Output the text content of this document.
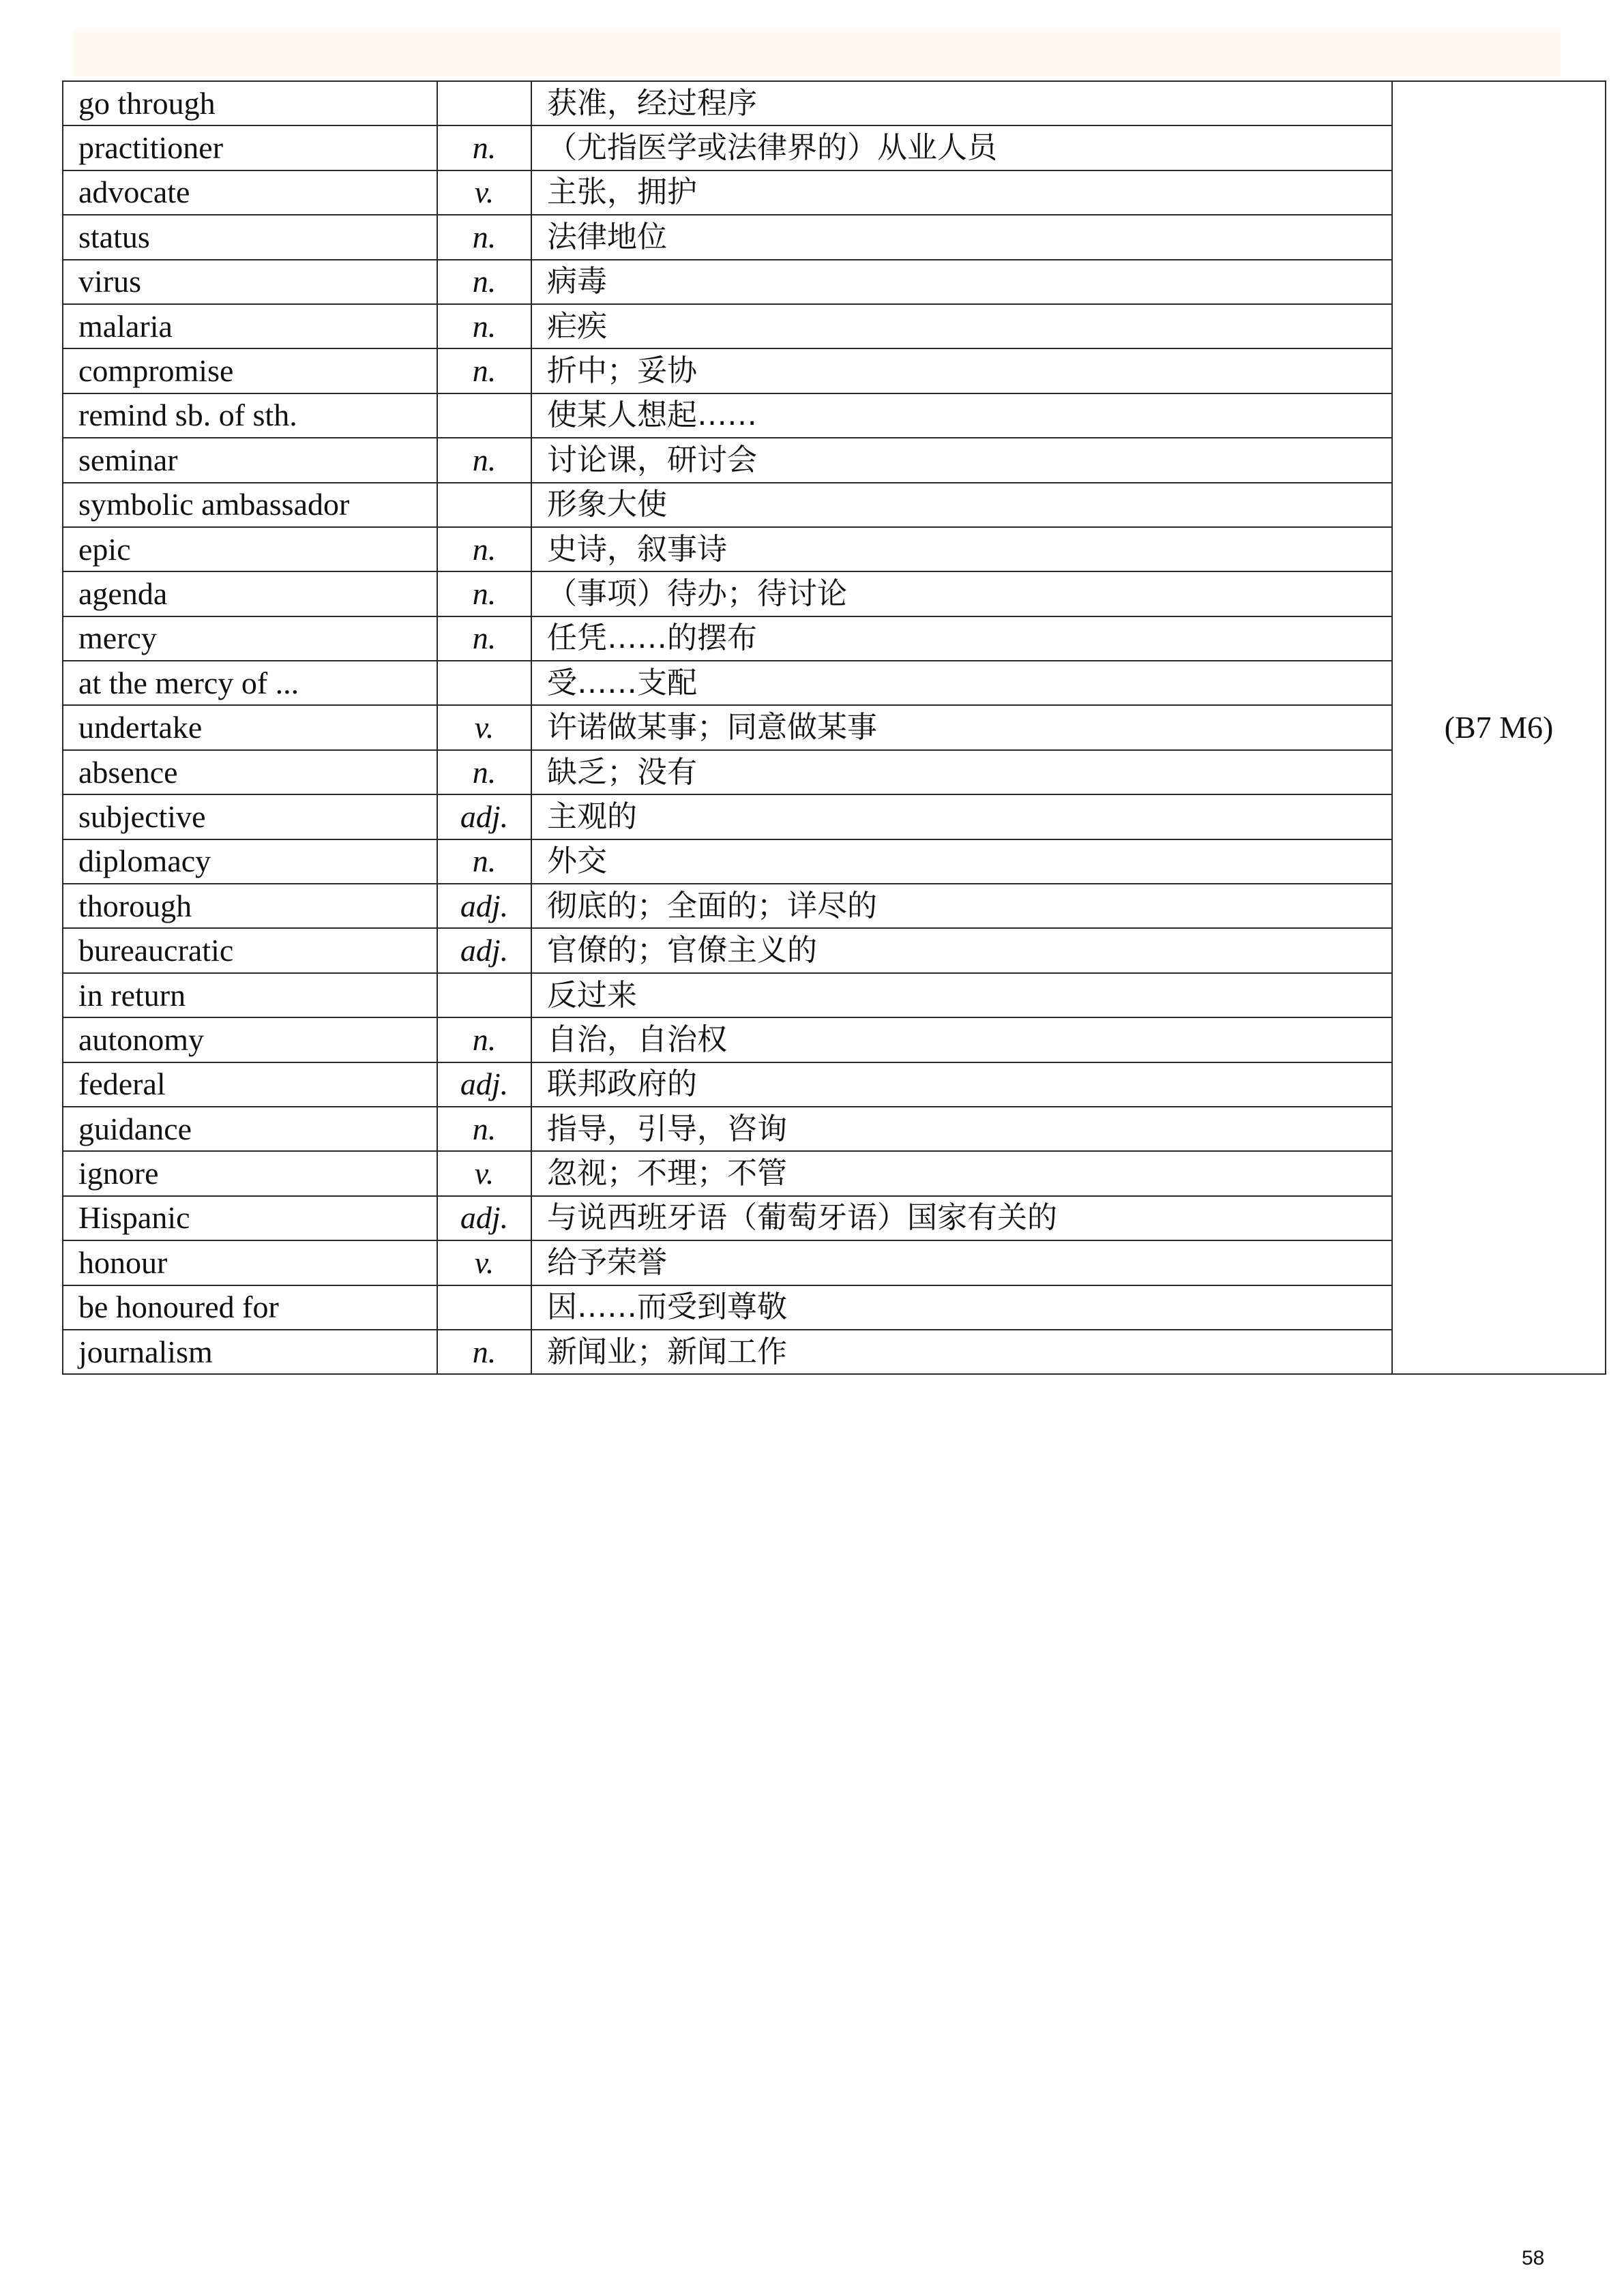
go through		获准，经过程序	(B7 M6)
practitioner	n.	（尤指医学或法律界的）从业人员	
advocate	v.	主张，拥护	
status	n.	法律地位	
virus	n.	病毒	
malaria	n.	疟疾	
compromise	n.	折中；妥协	
remind sb. of sth.		使某人想起……	
seminar	n.	讨论课，研讨会	
symbolic ambassador		形象大使	
epic	n.	史诗，叙事诗	
agenda	n.	（事项）待办；待讨论	
mercy	n.	任凭……的摆布	
at the mercy of ...		受……支配	
undertake	v.	许诺做某事；同意做某事	
absence	n.	缺乏；没有	
subjective	adj.	主观的	
diplomacy	n.	外交	
thorough	adj.	彻底的；全面的；详尽的	
bureaucratic	adj.	官僚的；官僚主义的	
in return		反过来	
autonomy	n.	自治，自治权	
federal	adj.	联邦政府的	
guidance	n.	指导，引导，咨询	
ignore	v.	忽视；不理；不管	
Hispanic	adj.	与说西班牙语（葡萄牙语）国家有关的	
honour	v.	给予荣誉	
be honoured for		因……而受到尊敬	
journalism	n.	新闻业；新闻工作	
58
